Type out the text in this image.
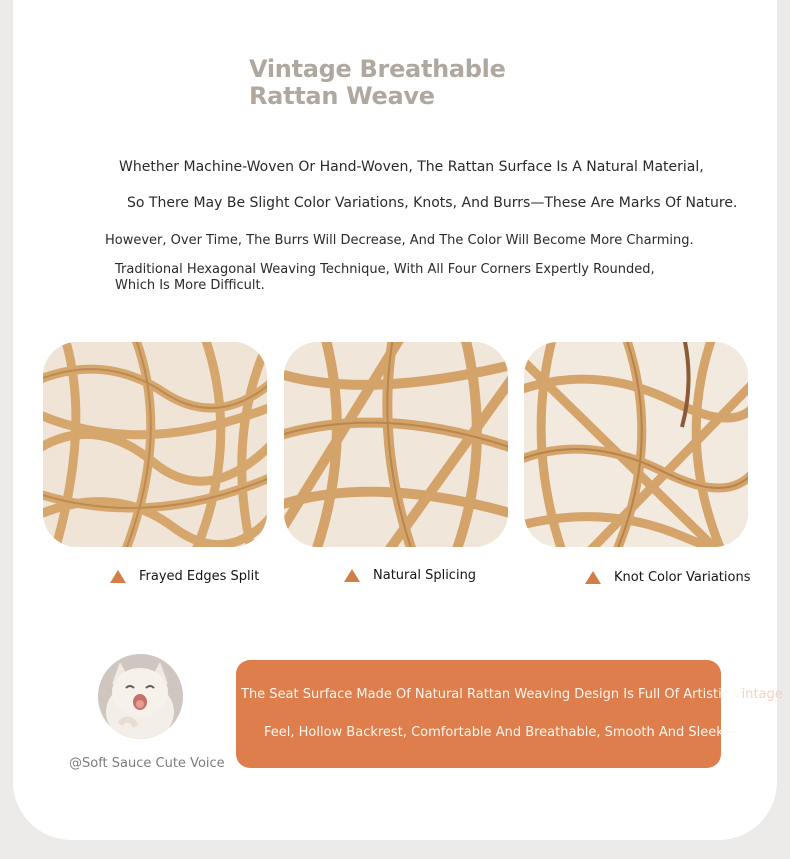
Vintage Breathable
Rattan Weave

Whether Machine-Woven Or Hand-Woven, The Rattan Surface Is A Natural Material,

So There May Be Slight Color Variations, Knots, And Burrs—These Are Marks Of Nature.

However, Over Time, The Burrs Will Decrease, And The Color Will Become More Charming.

Traditional Hexagonal Weaving Technique, With All Four Corners Expertly Rounded,
Which Is More Difficult.

Frayed Edges Split	Natural Splicing	Knot Color Variations
@Soft Sauce Cute Voice

The Seat Surface Made Of Natural Rattan Weaving Design Is Full Of Artistic Vintage

Feel, Hollow Backrest, Comfortable And Breathable, Smooth And Sleek ~
